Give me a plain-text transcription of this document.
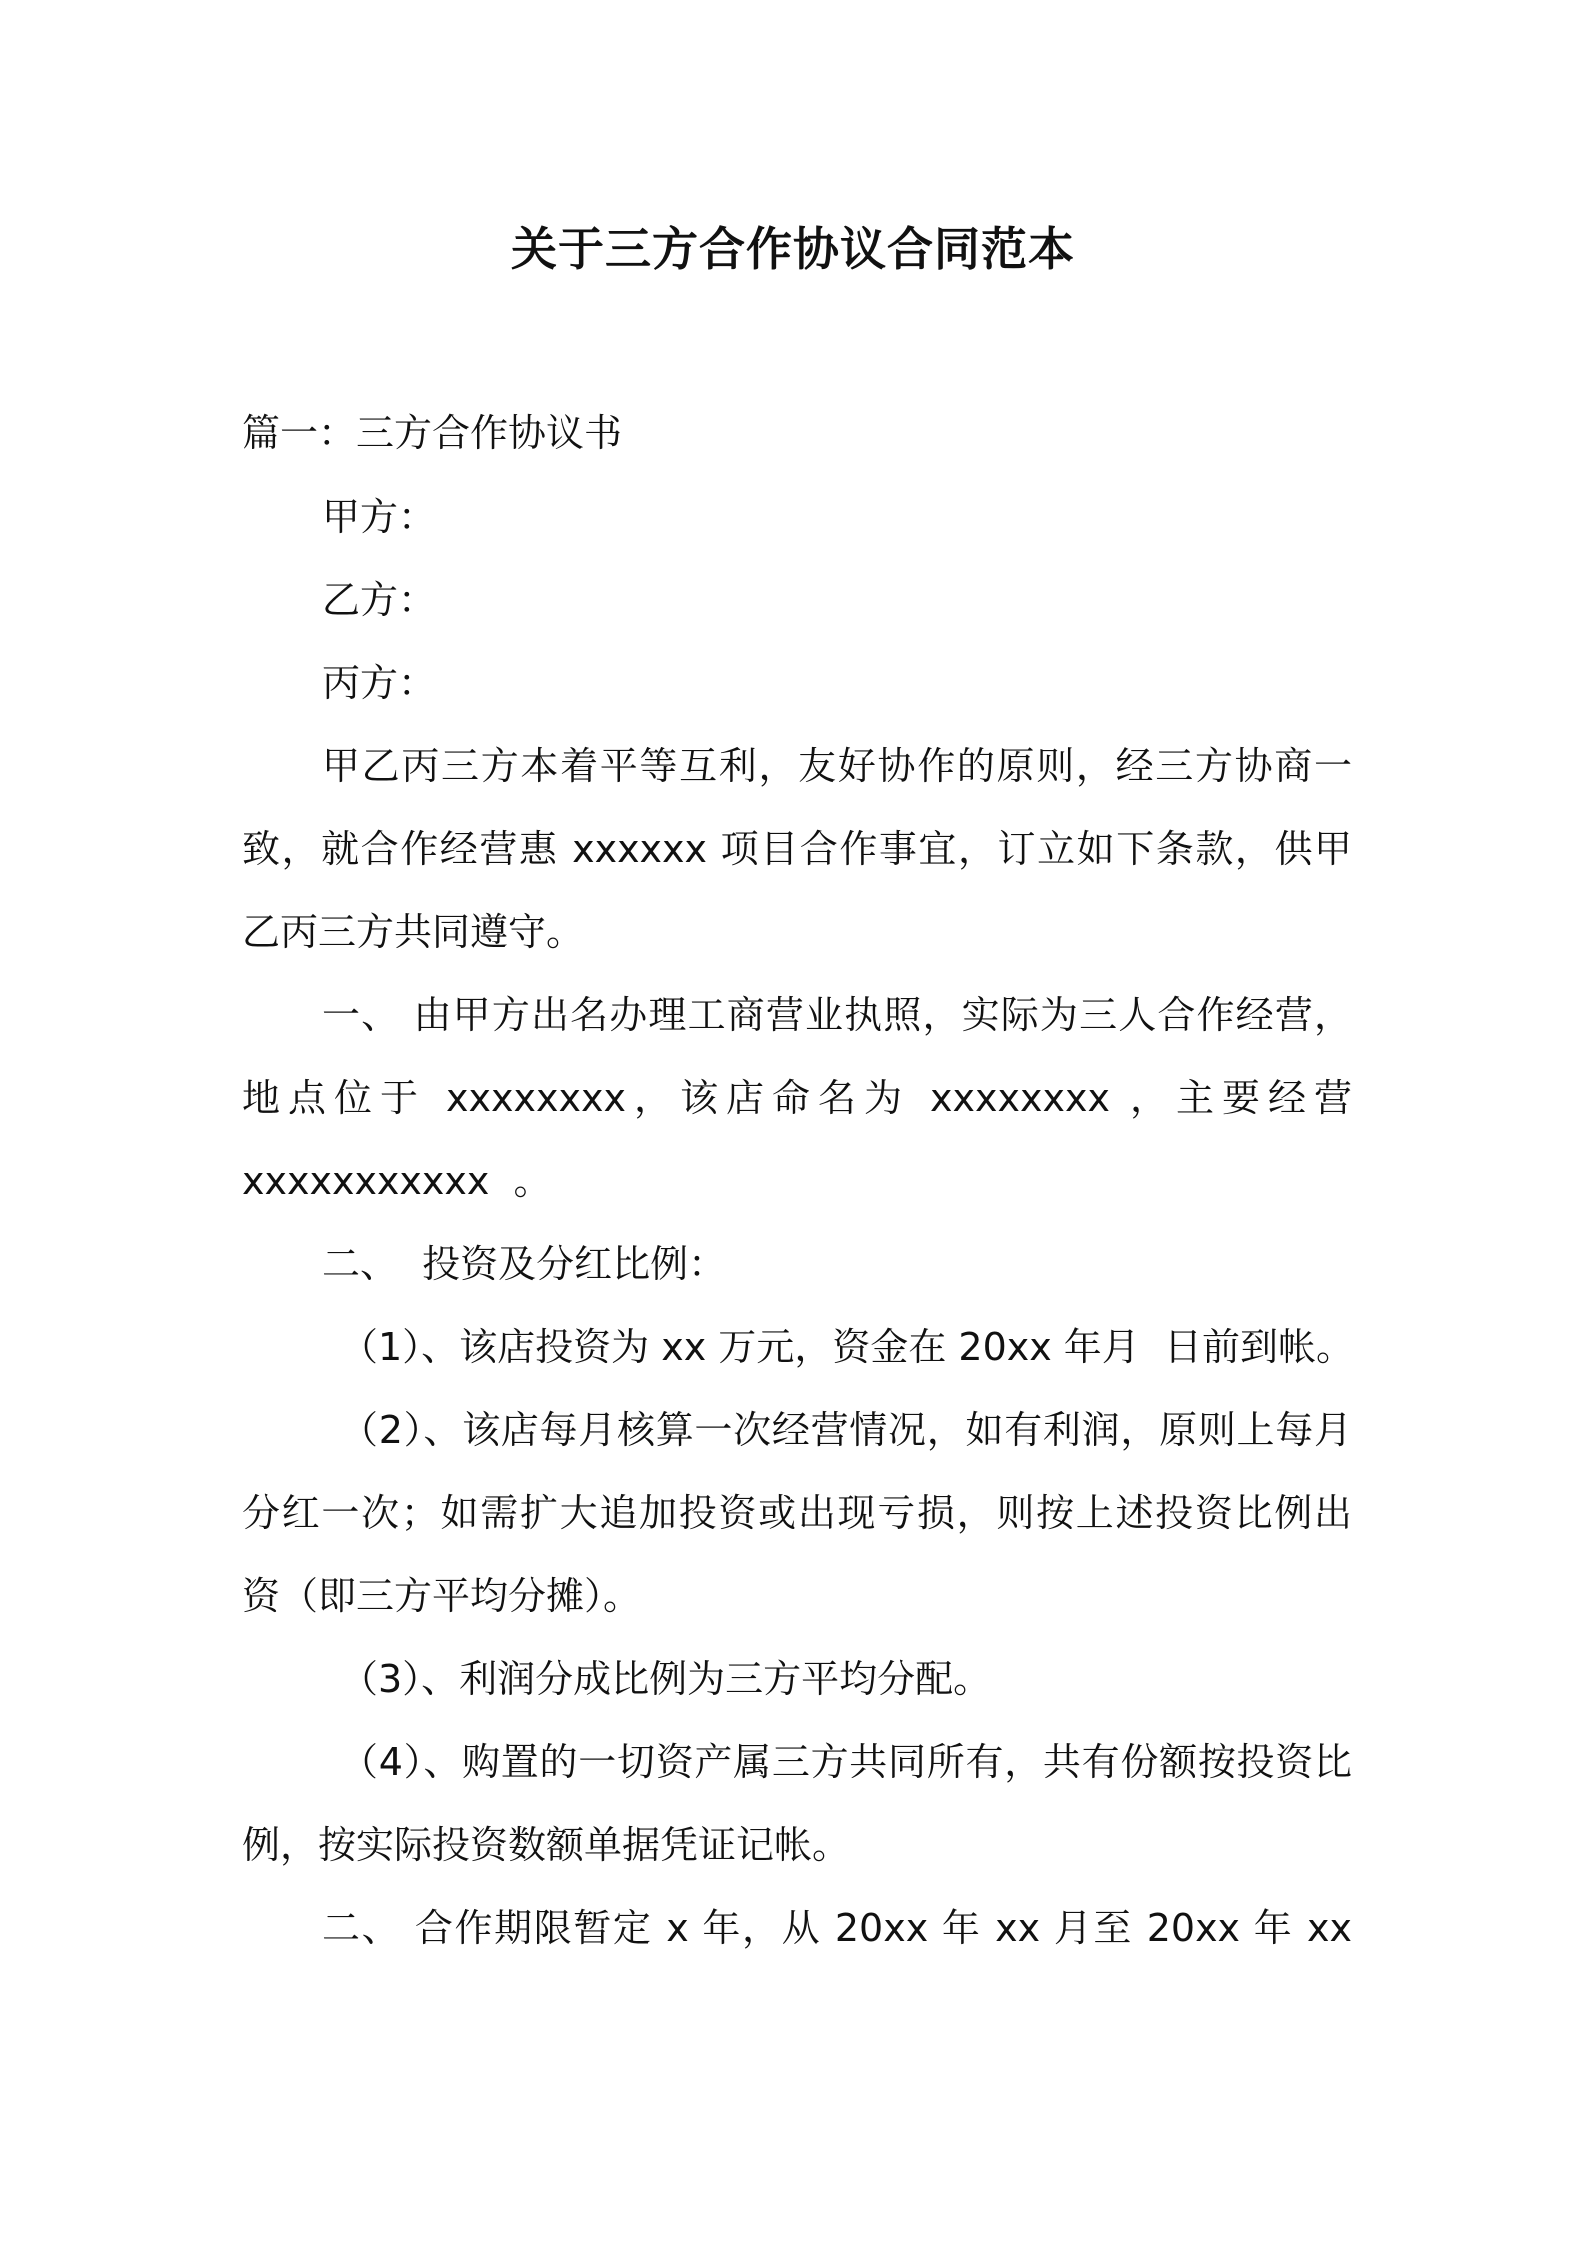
关于三方合作协议合同范本
篇一：三方合作协议书
甲方：
乙方：
丙方：
甲乙丙三方本着平等互利，友好协作的原则，经三方协商一
致，就合作经营惠 xxxxxx 项目合作事宜，订立如下条款，供甲
乙丙三方共同遵守。
一、 由甲方出名办理工商营业执照，实际为三人合作经营，
地点位于 xxxxxxxx，该店命名为 xxxxxxxx ，主要经营
xxxxxxxxxxx  。
二、  投资及分红比例：
（1）、该店投资为 xx 万元，资金在 20xx 年月  日前到帐。
（2）、该店每月核算一次经营情况，如有利润，原则上每月
分红一次；如需扩大追加投资或出现亏损，则按上述投资比例出
资（即三方平均分摊）。
（3）、利润分成比例为三方平均分配。
（4）、购置的一切资产属三方共同所有，共有份额按投资比
例，按实际投资数额单据凭证记帐。
二、 合作期限暂定 x 年，从 20xx 年 xx 月至 20xx 年 xx
